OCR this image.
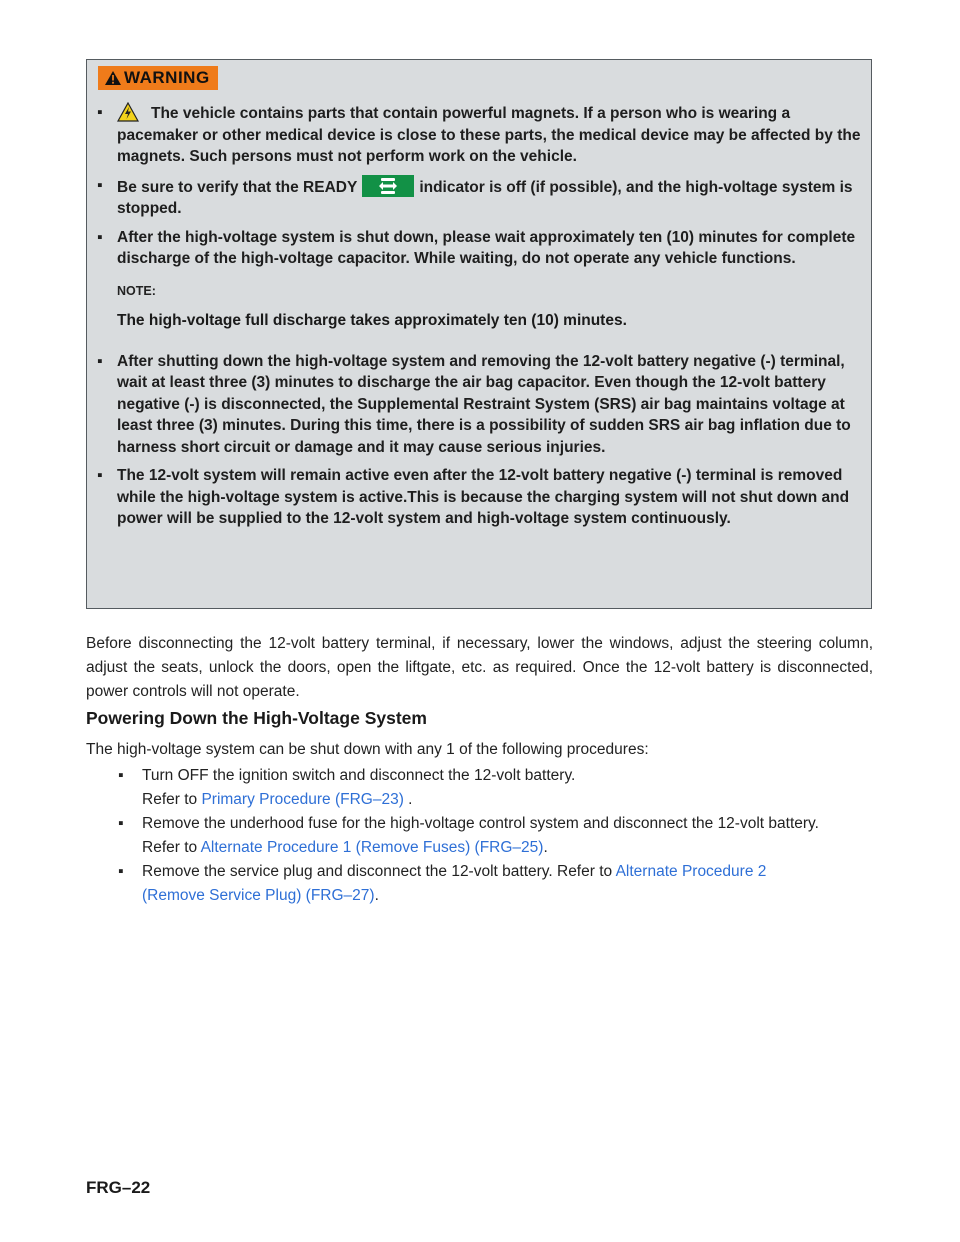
WARNING
▪	The vehicle contains parts that contain powerful magnets. If a person who is wearing a pacemaker or other medical device is close to these parts, the medical device may be affected by the magnets. Such persons must not perform work on the vehicle.
▪ Be sure to verify that the READY	indicator is off (if possible), and the high-voltage system is stopped.
▪ After the high-voltage system is shut down, please wait approximately ten (10) minutes for complete discharge of the high-voltage capacitor. While waiting, do not operate any vehicle functions.
NOTE:
The high-voltage full discharge takes approximately ten (10) minutes.
▪ After shutting down the high-voltage system and removing the 12-volt battery negative (-) terminal, wait at least three (3) minutes to discharge the air bag capacitor. Even though the 12-volt battery negative (-) is disconnected, the Supplemental Restraint System (SRS) air bag maintains voltage at least three (3) minutes. During this time, there is a possibility of sudden SRS air bag inflation due to harness short circuit or damage and it may cause serious injuries.
▪ The 12-volt system will remain active even after the 12-volt battery negative (-) terminal is removed while the high-voltage system is active.This is because the charging system will not shut down and power will be supplied to the 12-volt system and high-voltage system continuously.
Before disconnecting the 12-volt battery terminal, if necessary, lower the windows, adjust the steering column, adjust the seats, unlock the doors, open the liftgate, etc. as required. Once the 12-volt battery is disconnected, power controls will not operate.
Powering Down the High-Voltage System
The high-voltage system can be shut down with any 1 of the following procedures:
▪ Turn OFF the ignition switch and disconnect the 12-volt battery.
Refer to Primary Procedure (FRG–23) .
▪ Remove the underhood fuse for the high-voltage control system and disconnect the 12-volt battery.
Refer to Alternate Procedure 1 (Remove Fuses) (FRG–25).
▪ Remove the service plug and disconnect the 12-volt battery. Refer to Alternate Procedure 2
(Remove Service Plug) (FRG–27).
FRG–22
